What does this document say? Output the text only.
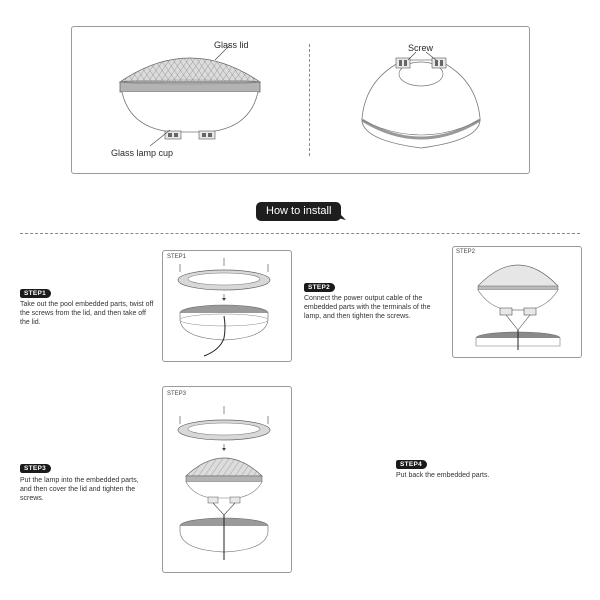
Glass lid
Glass lamp cup
Screw
How to install
STEP1
Take out the pool embedded parts, twist off the screws from the lid, and then take off the lid.
STEP1
STEP2
Connect the power output cable of the embedded parts with the terminals of the lamp, and then tighten the screws.
STEP2
STEP3
Put the lamp into the embedded parts, and then cover the lid and tighten the screws.
STEP3
STEP4
Put back the embedded parts.
